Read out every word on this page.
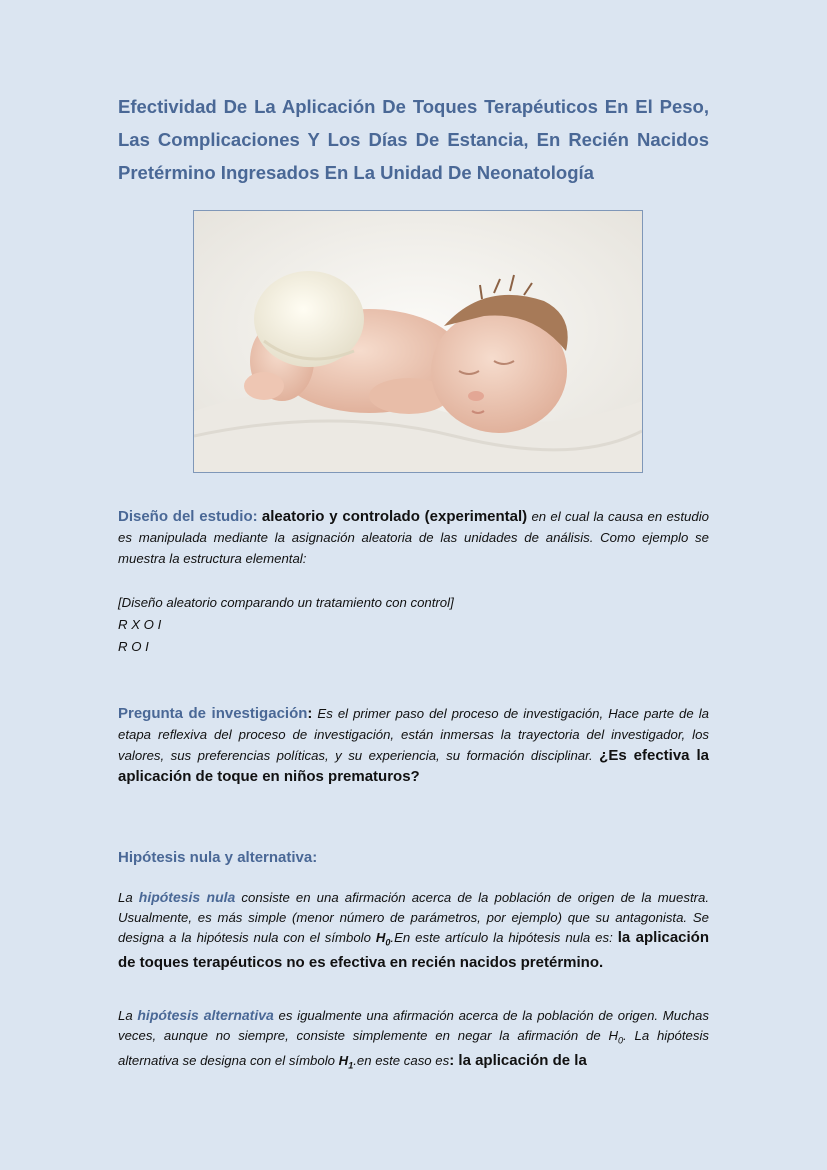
Efectividad De La Aplicación De Toques Terapéuticos En El Peso, Las Complicaciones Y Los Días De Estancia, En Recién Nacidos Pretérmino Ingresados En La Unidad De Neonatología

Diseño del estudio: aleatorio y controlado (experimental) en el cual la causa en estudio es manipulada mediante la asignación aleatoria de las unidades de análisis. Como ejemplo se muestra la estructura elemental:

[Diseño aleatorio comparando un tratamiento con control]

R X O I

R O I

Pregunta de investigación: Es el primer paso del proceso de investigación, Hace parte de la etapa reflexiva del proceso de investigación, están inmersas la trayectoria del investigador, los valores, sus preferencias políticas, y su experiencia, su formación disciplinar. ¿Es efectiva la aplicación de toque en niños prematuros?

Hipótesis nula y alternativa:

La hipótesis nula consiste en una afirmación acerca de la población de origen de la muestra. Usualmente, es más simple (menor número de parámetros, por ejemplo) que su antagonista. Se designa a la hipótesis nula con el símbolo $H_0.En$ este artículo la hipótesis nula es: la aplicación de toques terapéuticos no es efectiva en recién nacidos pretérmino.

La hipótesis alternativa es igualmente una afirmación acerca de la población de origen. Muchas veces, aunque no siempre, consiste simplemente en negar la afirmación de $H_0$. La hipótesis alternativa se designa con el símbolo $H_1.en$ este caso es: la aplicación de la
